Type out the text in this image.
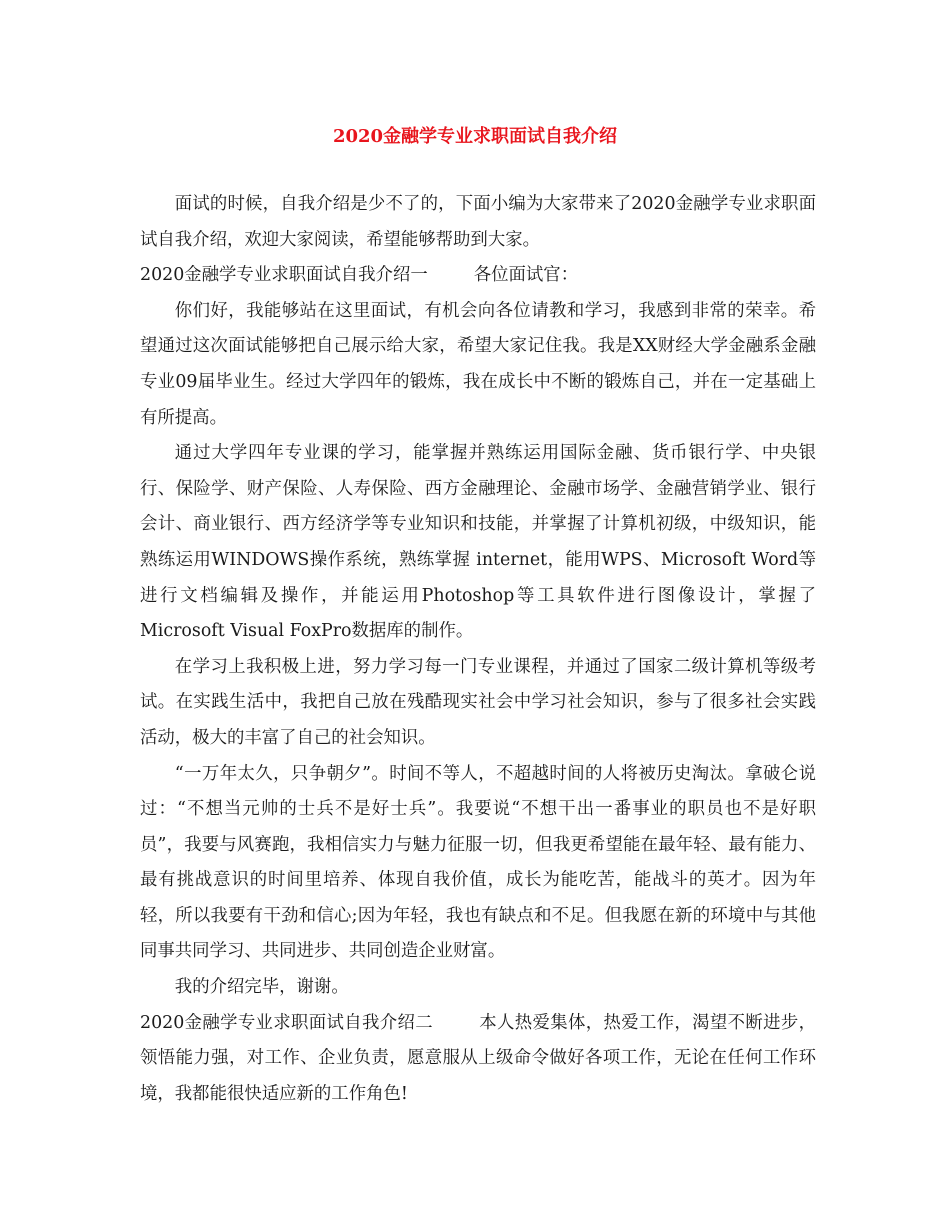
2020金融学专业求职面试自我介绍

面试的时候，自我介绍是少不了的，下面小编为大家带来了2020金融学专业求职面试自我介绍，欢迎大家阅读，希望能够帮助到大家。

2020金融学专业求职面试自我介绍一	各位面试官：

你们好，我能够站在这里面试，有机会向各位请教和学习，我感到非常的荣幸。希望通过这次面试能够把自己展示给大家，希望大家记住我。我是XX财经大学金融系金融专业09届毕业生。经过大学四年的锻炼，我在成长中不断的锻炼自己，并在一定基础上有所提高。

通过大学四年专业课的学习，能掌握并熟练运用国际金融、货币银行学、中央银行、保险学、财产保险、人寿保险、西方金融理论、金融市场学、金融营销学业、银行会计、商业银行、西方经济学等专业知识和技能，并掌握了计算机初级，中级知识，能熟练运用WINDOWS操作系统，熟练掌握 internet，能用WPS、Microsoft Word等进行文档编辑及操作，并能运用Photoshop等工具软件进行图像设计，掌握了Microsoft Visual FoxPro数据库的制作。

在学习上我积极上进，努力学习每一门专业课程，并通过了国家二级计算机等级考试。在实践生活中，我把自己放在残酷现实社会中学习社会知识，参与了很多社会实践活动，极大的丰富了自己的社会知识。

“一万年太久，只争朝夕”。时间不等人，不超越时间的人将被历史淘汰。拿破仑说过：“不想当元帅的士兵不是好士兵”。我要说“不想干出一番事业的职员也不是好职员”，我要与风赛跑，我相信实力与魅力征服一切，但我更希望能在最年轻、最有能力、最有挑战意识的时间里培养、体现自我价值，成长为能吃苦，能战斗的英才。因为年轻，所以我要有干劲和信心;因为年轻，我也有缺点和不足。但我愿在新的环境中与其他同事共同学习、共同进步、共同创造企业财富。

我的介绍完毕，谢谢。

2020金融学专业求职面试自我介绍二	本人热爱集体，热爱工作，渴望不断进步，领悟能力强，对工作、企业负责，愿意服从上级命令做好各项工作，无论在任何工作环境，我都能很快适应新的工作角色!
